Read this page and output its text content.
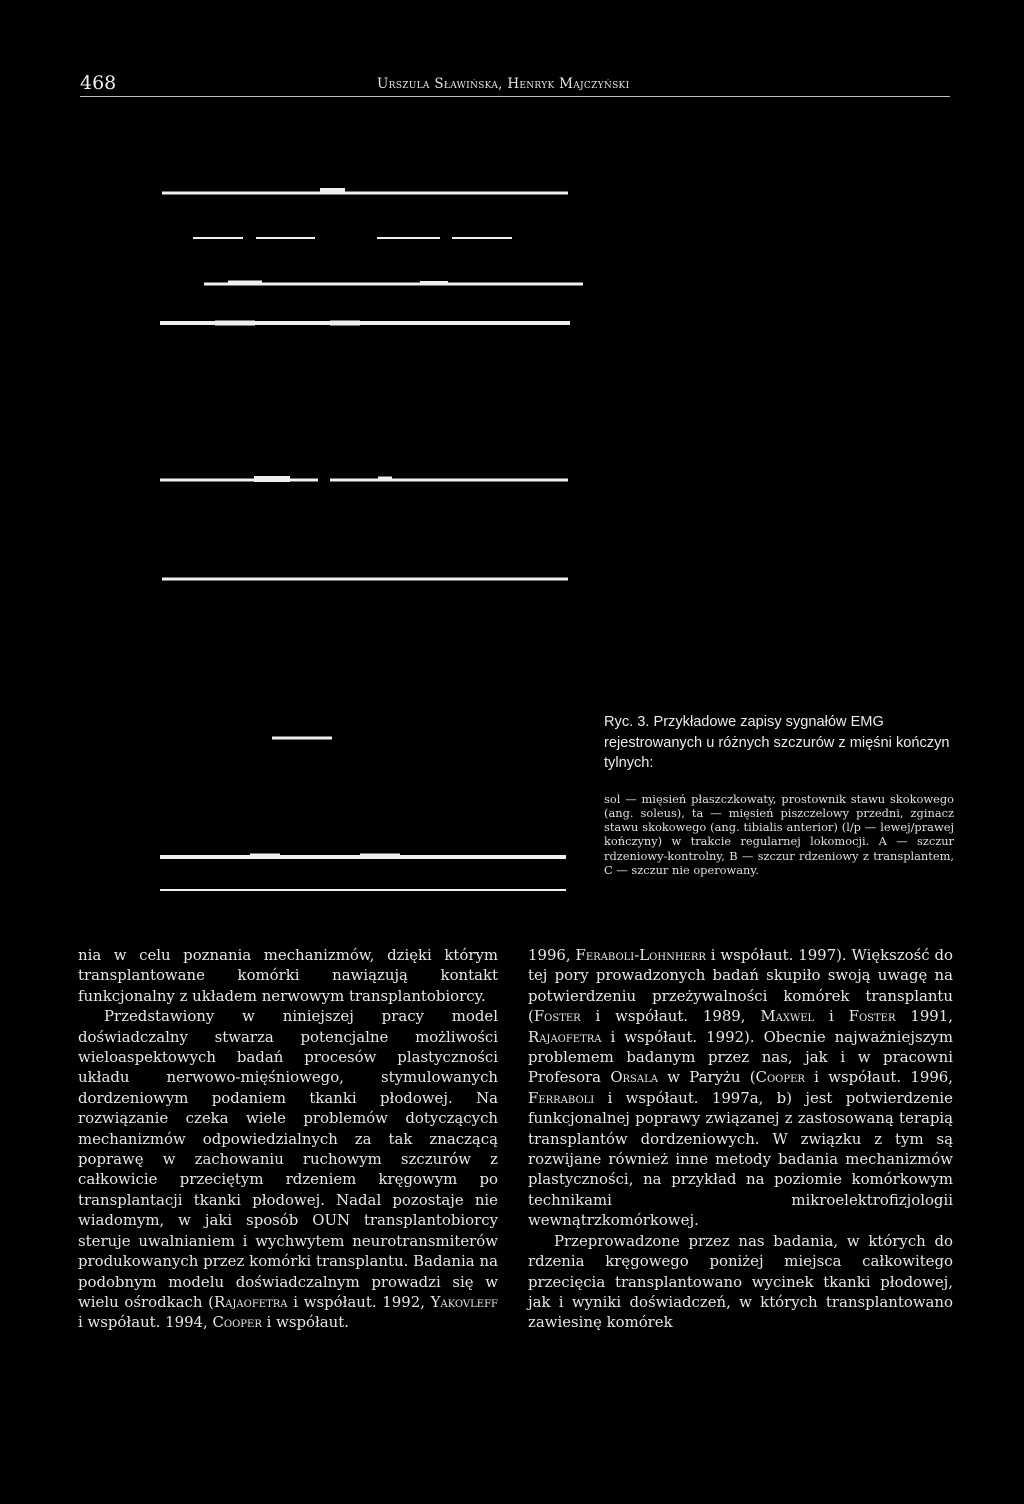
468	Urszula Sławińska, Henryk Majczyński

Ryc. 3. Przykładowe zapisy sygnałów EMG rejestrowanych u różnych szczurów z mięśni kończyn tylnych:

sol — mięsień płaszczkowaty, prostownik stawu skokowego (ang. soleus), ta — mięsień piszczelowy przedni, zginacz stawu skokowego (ang. tibialis anterior) (l/p — lewej/prawej kończyny) w trakcie regularnej lokomocji. A — szczur rdzeniowy-kontrolny, B — szczur rdzeniowy z transplantem, C — szczur nie operowany.

nia w celu poznania mechanizmów, dzięki którym transplantowane komórki nawiązują kontakt funkcjonalny z układem nerwowym transplantobiorcy.

Przedstawiony w niniejszej pracy model doświadczalny stwarza potencjalne możliwości wieloaspektowych badań procesów plastyczności układu nerwowo-mięśniowego, stymulowanych dordzeniowym podaniem tkanki płodowej. Na rozwiązanie czeka wiele problemów dotyczących mechanizmów odpowiedzialnych za tak znaczącą poprawę w zachowaniu ruchowym szczurów z całkowicie przeciętym rdzeniem kręgowym po transplantacji tkanki płodowej. Nadal pozostaje nie wiadomym, w jaki sposób OUN transplantobiorcy steruje uwalnianiem i wychwytem neurotransmiterów produkowanych przez komórki transplantu. Badania na podobnym modelu doświadczalnym prowadzi się w wielu ośrodkach (Rajaofetra i współaut. 1992, Yakovleff i współaut. 1994, Cooper i współaut.

1996, Feraboli-Lohnherr i współaut. 1997). Większość do tej pory prowadzonych badań skupiło swoją uwagę na potwierdzeniu przeżywalności komórek transplantu (Foster i współaut. 1989, Maxwel i Foster 1991, Rajaofetra i współaut. 1992). Obecnie najważniejszym problemem badanym przez nas, jak i w pracowni Profesora Orsala w Paryżu (Cooper i współaut. 1996, Ferraboli i współaut. 1997a, b) jest potwierdzenie funkcjonalnej poprawy związanej z zastosowaną terapią transplantów dordzeniowych. W związku z tym są rozwijane również inne metody badania mechanizmów plastyczności, na przykład na poziomie komórkowym technikami mikroelektrofizjologii wewnątrzkomórkowej.

Przeprowadzone przez nas badania, w których do rdzenia kręgowego poniżej miejsca całkowitego przecięcia transplantowano wycinek tkanki płodowej, jak i wyniki doświadczeń, w których transplantowano zawiesinę komórek
